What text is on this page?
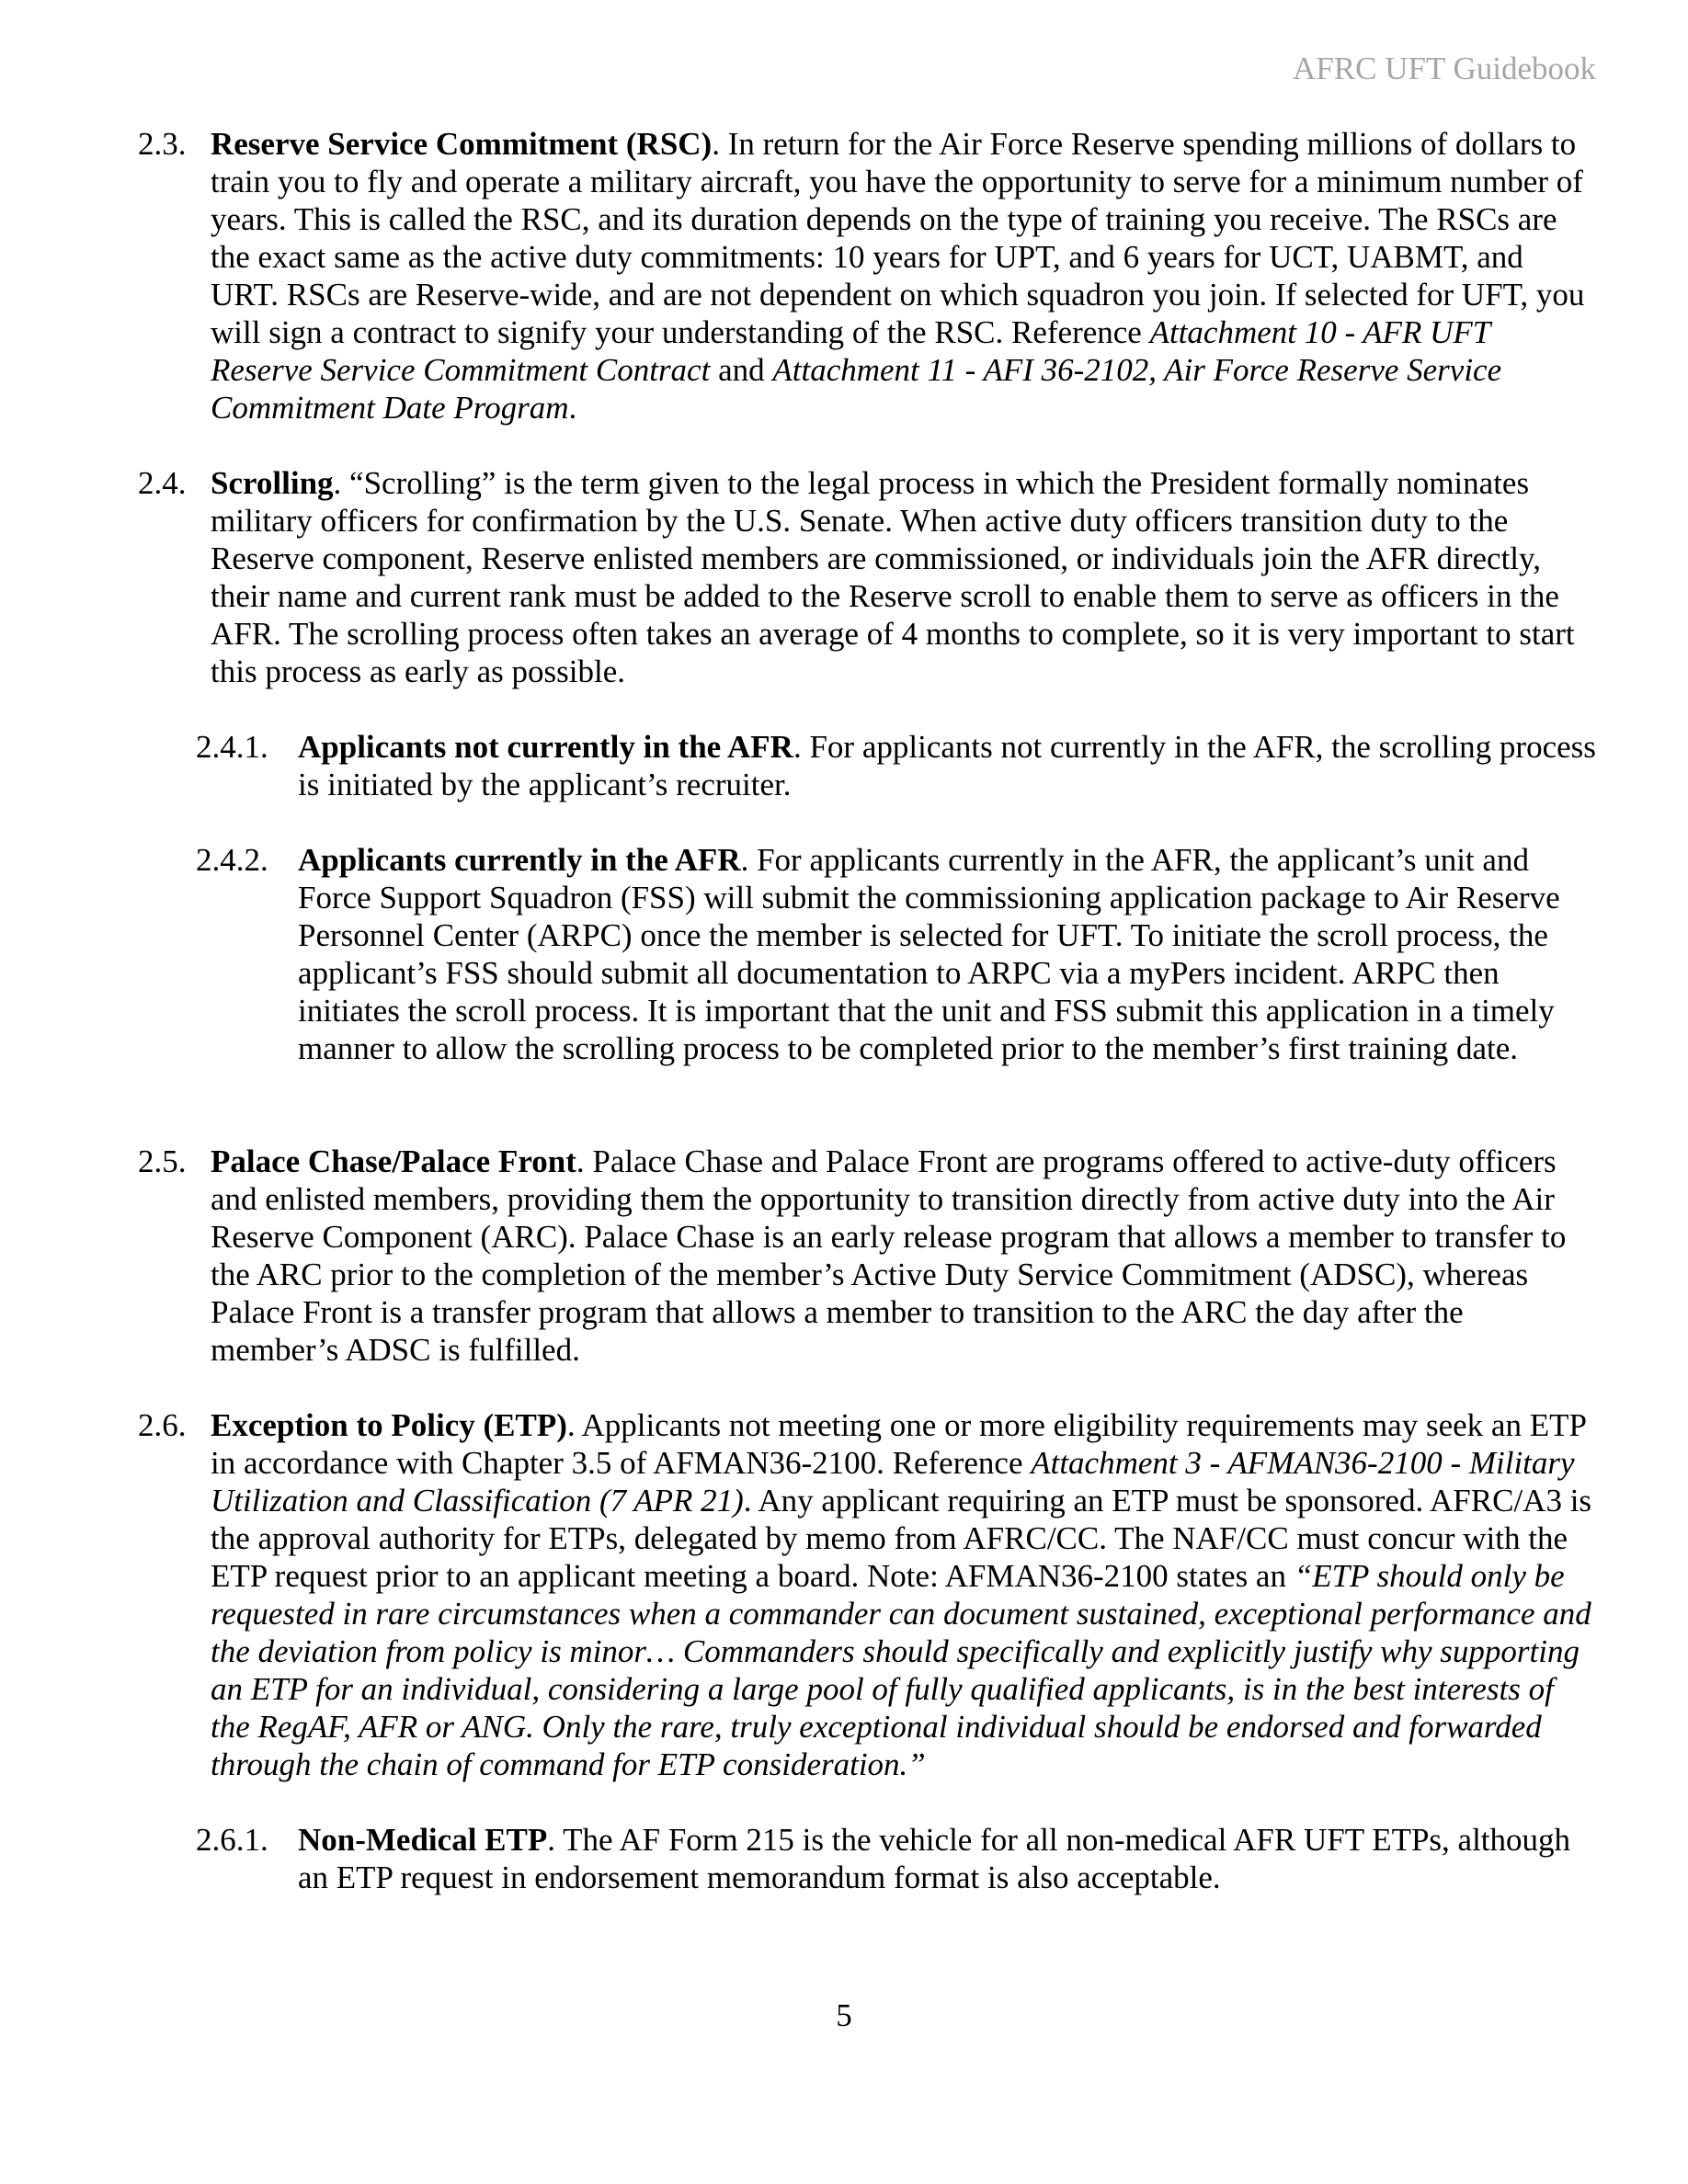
AFRC UFT Guidebook
2.3. Reserve Service Commitment (RSC). In return for the Air Force Reserve spending millions of dollars to train you to fly and operate a military aircraft, you have the opportunity to serve for a minimum number of years. This is called the RSC, and its duration depends on the type of training you receive. The RSCs are the exact same as the active duty commitments: 10 years for UPT, and 6 years for UCT, UABMT, and URT. RSCs are Reserve-wide, and are not dependent on which squadron you join. If selected for UFT, you will sign a contract to signify your understanding of the RSC. Reference Attachment 10 - AFR UFT Reserve Service Commitment Contract and Attachment 11 - AFI 36-2102, Air Force Reserve Service Commitment Date Program.
2.4. Scrolling. “Scrolling” is the term given to the legal process in which the President formally nominates military officers for confirmation by the U.S. Senate. When active duty officers transition duty to the Reserve component, Reserve enlisted members are commissioned, or individuals join the AFR directly, their name and current rank must be added to the Reserve scroll to enable them to serve as officers in the AFR. The scrolling process often takes an average of 4 months to complete, so it is very important to start this process as early as possible.
2.4.1. Applicants not currently in the AFR. For applicants not currently in the AFR, the scrolling process is initiated by the applicant’s recruiter.
2.4.2. Applicants currently in the AFR. For applicants currently in the AFR, the applicant’s unit and Force Support Squadron (FSS) will submit the commissioning application package to Air Reserve Personnel Center (ARPC) once the member is selected for UFT. To initiate the scroll process, the applicant’s FSS should submit all documentation to ARPC via a myPers incident. ARPC then initiates the scroll process. It is important that the unit and FSS submit this application in a timely manner to allow the scrolling process to be completed prior to the member’s first training date.
2.5. Palace Chase/Palace Front. Palace Chase and Palace Front are programs offered to active-duty officers and enlisted members, providing them the opportunity to transition directly from active duty into the Air Reserve Component (ARC). Palace Chase is an early release program that allows a member to transfer to the ARC prior to the completion of the member’s Active Duty Service Commitment (ADSC), whereas Palace Front is a transfer program that allows a member to transition to the ARC the day after the member’s ADSC is fulfilled.
2.6. Exception to Policy (ETP). Applicants not meeting one or more eligibility requirements may seek an ETP in accordance with Chapter 3.5 of AFMAN36-2100. Reference Attachment 3 - AFMAN36-2100 - Military Utilization and Classification (7 APR 21). Any applicant requiring an ETP must be sponsored. AFRC/A3 is the approval authority for ETPs, delegated by memo from AFRC/CC. The NAF/CC must concur with the ETP request prior to an applicant meeting a board. Note: AFMAN36-2100 states an “ETP should only be requested in rare circumstances when a commander can document sustained, exceptional performance and the deviation from policy is minor… Commanders should specifically and explicitly justify why supporting an ETP for an individual, considering a large pool of fully qualified applicants, is in the best interests of the RegAF, AFR or ANG. Only the rare, truly exceptional individual should be endorsed and forwarded through the chain of command for ETP consideration.”
2.6.1. Non-Medical ETP. The AF Form 215 is the vehicle for all non-medical AFR UFT ETPs, although an ETP request in endorsement memorandum format is also acceptable.
5
